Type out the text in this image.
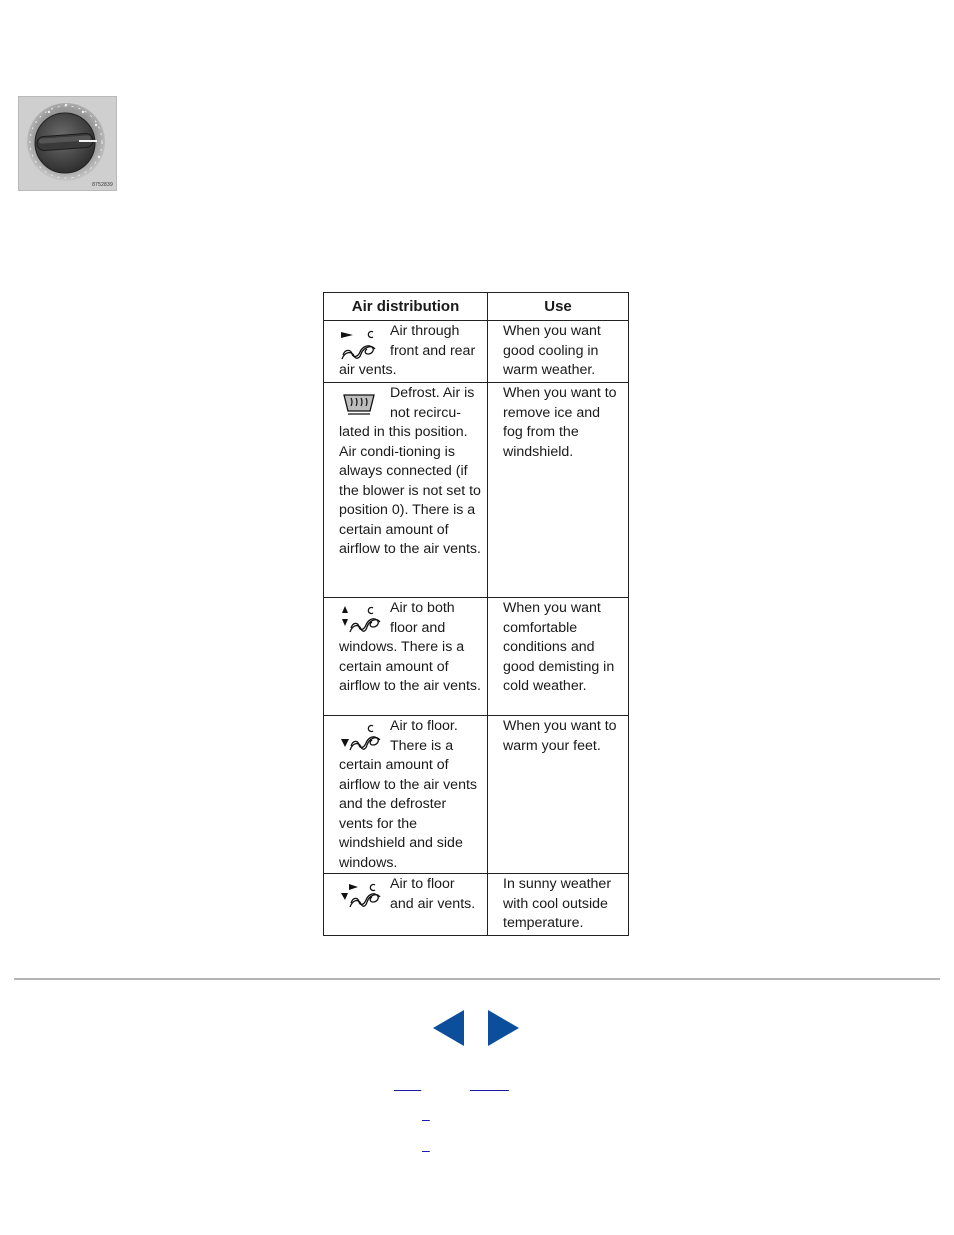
8752839
Air distribution	Use

Air through front and rear air vents.	When you want good cooling in warm weather.

Defrost. Air is not recircu-lated in this position. Air condi-tioning is always connected (if the blower is not set to position 0). There is a certain amount of airflow to the air vents.	When you want to remove ice and fog from the windshield.

Air to both floor and windows. There is a certain amount of airflow to the air vents.	When you want comfortable conditions and good demisting in cold weather.

Air to floor. There is a certain amount of airflow to the air vents and the defroster vents for the windshield and side windows.	When you want to warm your feet.

Air to floor and air vents.	In sunny weather with cool outside temperature.
